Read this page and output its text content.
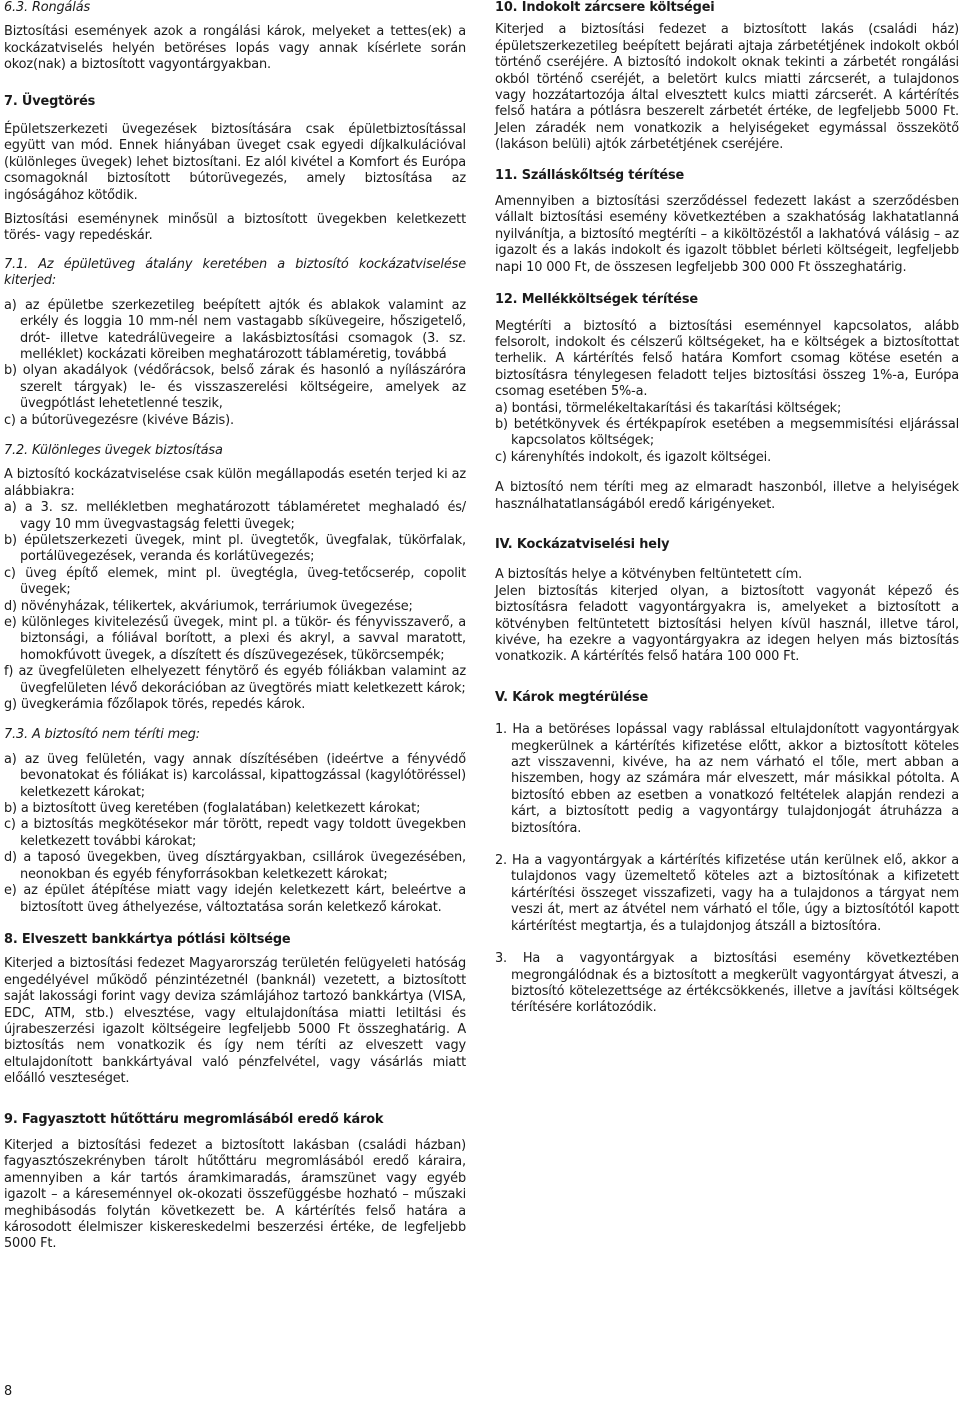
6.3. Rongálás

Biztosítási események azok a rongálási károk, melyeket a tettes(ek) a kockázatviselés helyén betöréses lopás vagy annak kísérlete során okoz(nak) a biztosított vagyontárgyakban.

7. Üvegtörés

Épületszerkezeti üvegezések biztosítására csak épületbiztosítással együtt van mód. Ennek hiányában üveget csak egyedi díjkalkulációval (különleges üvegek) lehet biztosítani. Ez alól kivétel a Komfort és Európa csomagoknál biztosított bútorüvegezés, amely biztosítása az ingóságához kötődik.

Biztosítási eseménynek minősül a biztosított üvegekben keletkezett törés- vagy repedéskár.

7.1. Az épületüveg átalány keretében a biztosító kockázatviselése kiterjed:

a) az épületbe szerkezetileg beépített ajtók és ablakok valamint az erkély és loggia 10 mm-nél nem vastagabb síküvegeire, hőszigetelő, drót- illetve katedrálüvegeire a lakásbiztosítási csomagok (3. sz. melléklet) kockázati köreiben meghatározott táblaméretig, továbbá
b) olyan akadályok (védőrácsok, belső zárak és hasonló a nyílászáróra szerelt tárgyak) le- és visszaszerelési költségeire, amelyek az üvegpótlást lehetetlenné teszik,
c) a bútorüvegezésre (kivéve Bázis).

7.2. Különleges üvegek biztosítása

A biztosító kockázatviselése csak külön megállapodás esetén terjed ki az alábbiakra:

a) a 3. sz. mellékletben meghatározott táblaméretet meghaladó és/ vagy 10 mm üvegvastagság feletti üvegek;
b) épületszerkezeti üvegek, mint pl. üvegtetők, üvegfalak, tükörfalak, portálüvegezések, veranda és korlátüvegezés;
c) üveg építő elemek, mint pl. üvegtégla, üveg-tetőcserép, copolit üvegek;
d) növényházak, télikertek, akváriumok, terráriumok üvegezése;
e) különleges kivitelezésű üvegek, mint pl. a tükör- és fényvisszaverő, a biztonsági, a fóliával borított, a plexi és akryl, a savval maratott, homokfúvott üvegek, a díszített és díszüvegezések, tükörcsempék;
f) az üvegfelületen elhelyezett fénytörő és egyéb fóliákban valamint az üvegfelületen lévő dekorációban az üvegtörés miatt keletkezett károk;
g) üvegkerámia főzőlapok törés, repedés károk.

7.3. A biztosító nem téríti meg:

a) az üveg felületén, vagy annak díszítésében (ideértve a fényvédő bevonatokat és fóliákat is) karcolással, kipattogzással (kagylótöréssel) keletkezett károkat;
b) a biztosított üveg keretében (foglalatában) keletkezett károkat;
c) a biztosítás megkötésekor már törött, repedt vagy toldott üvegekben keletkezett további károkat;
d) a taposó üvegekben, üveg dísztárgyakban, csillárok üvegezésében, neonokban és egyéb fényforrásokban keletkezett károkat;
e) az épület átépítése miatt vagy idején keletkezett kárt, beleértve a biztosított üveg áthelyezése, változtatása során keletkező károkat.

8. Elveszett bankkártya pótlási költsége

Kiterjed a biztosítási fedezet Magyarország területén felügyeleti hatóság engedélyével működő pénzintézetnél (banknál) vezetett, a biztosított saját lakossági forint vagy deviza számlájához tartozó bankkártya (VISA, EDC, ATM, stb.) elvesztése, vagy eltulajdonítása miatti letiltási és újrabeszerzési igazolt költségeire legfeljebb 5000 Ft összeghatárig. A biztosítás nem vonatkozik és így nem téríti az elveszett vagy eltulajdonított bankkártyával való pénzfelvétel, vagy vásárlás miatt előálló veszteséget.

9. Fagyasztott hűtőttáru megromlásából eredő károk

Kiterjed a biztosítási fedezet a biztosított lakásban (családi házban) fagyasztószekrényben tárolt hűtőttáru megromlásából eredő káraira, amennyiben a kár tartós áramkimaradás, áramszünet vagy egyéb igazolt – a káreseménnyel ok-okozati összefüggésbe hozható – műszaki meghibásodás folytán következett be. A kártérítés felső határa a károsodott élelmiszer kiskereskedelmi beszerzési értéke, de legfeljebb 5000 Ft.

10. Indokolt zárcsere költségei

Kiterjed a biztosítási fedezet a biztosított lakás (családi ház) épületszerkezetileg beépített bejárati ajtaja zárbetétjének indokolt okból történő cseréjére. A biztosító indokolt oknak tekinti a zárbetét rongálási okból történő cseréjét, a beletört kulcs miatti zárcserét, a tulajdonos vagy hozzátartozója által elvesztett kulcs miatti zárcserét. A kártérítés felső határa a pótlásra beszerelt zárbetét értéke, de legfeljebb 5000 Ft. Jelen záradék nem vonatkozik a helyiségeket egymással összekötő (lakáson belüli) ajtók zárbetétjének cseréjére.

11. Szálláskőltség térítése

Amennyiben a biztosítási szerződéssel fedezett lakást a szerződésben vállalt biztosítási esemény következtében a szakhatóság lakhatatlanná nyilvánítja, a biztosító megtéríti – a kiköltözéstől a lakhatóvá válásig – az igazolt és a lakás indokolt és igazolt többlet bérleti költségeit, legfeljebb napi 10 000 Ft, de összesen legfeljebb 300 000 Ft összeghatárig.

12. Mellékköltségek térítése

Megtéríti a biztosító a biztosítási eseménnyel kapcsolatos, alább felsorolt, indokolt és célszerű költségeket, ha e költségek a biztosítottat terhelik. A kártérítés felső határa Komfort csomag kötése esetén a biztosításra ténylegesen feladott teljes biztosítási összeg 1%-a, Európa csomag esetében 5%-a.

a) bontási, törmelékeltakarítási és takarítási költségek;
b) betétkönyvek és értékpapírok esetében a megsemmisítési eljárással kapcsolatos költségek;
c) kárenyhítés indokolt, és igazolt költségei.

A biztosító nem téríti meg az elmaradt haszonból, illetve a helyiségek használhatatlanságából eredő kárigényeket.

IV. Kockázatviselési hely

A biztosítás helye a kötvényben feltüntetett cím.

Jelen biztosítás kiterjed olyan, a biztosított vagyonát képező és biztosításra feladott vagyontárgyakra is, amelyeket a biztosított a kötvényben feltüntetett biztosítási helyen kívül használ, illetve tárol, kivéve, ha ezekre a vagyontárgyakra az idegen helyen más biztosítás vonatkozik. A kártérítés felső határa 100 000 Ft.

V. Károk megtérülése

1. Ha a betöréses lopással vagy rablással eltulajdonított vagyontárgyak megkerülnek a kártérítés kifizetése előtt, akkor a biztosított köteles azt visszavenni, kivéve, ha az nem várható el tőle, mert abban a hiszemben, hogy az számára már elveszett, már másikkal pótolta. A biztosító ebben az esetben a vonatkozó feltételek alapján rendezi a kárt, a biztosított pedig a vagyontárgy tulajdonjogát átruházza a biztosítóra.
2. Ha a vagyontárgyak a kártérítés kifizetése után kerülnek elő, akkor a tulajdonos vagy üzemeltető köteles azt a biztosítónak a kifizetett kártérítési összeget visszafizeti, vagy ha a tulajdonos a tárgyat nem veszi át, mert az átvétel nem várható el tőle, úgy a biztosítótól kapott kártérítést megtartja, és a tulajdonjog átszáll a biztosítóra.
3. Ha a vagyontárgyak a biztosítási esemény következtében megrongálódnak és a biztosított a megkerült vagyontárgyat átveszi, a biztosító kötelezettsége az értékcsökkenés, illetve a javítási költségek térítésére korlátozódik.
8
